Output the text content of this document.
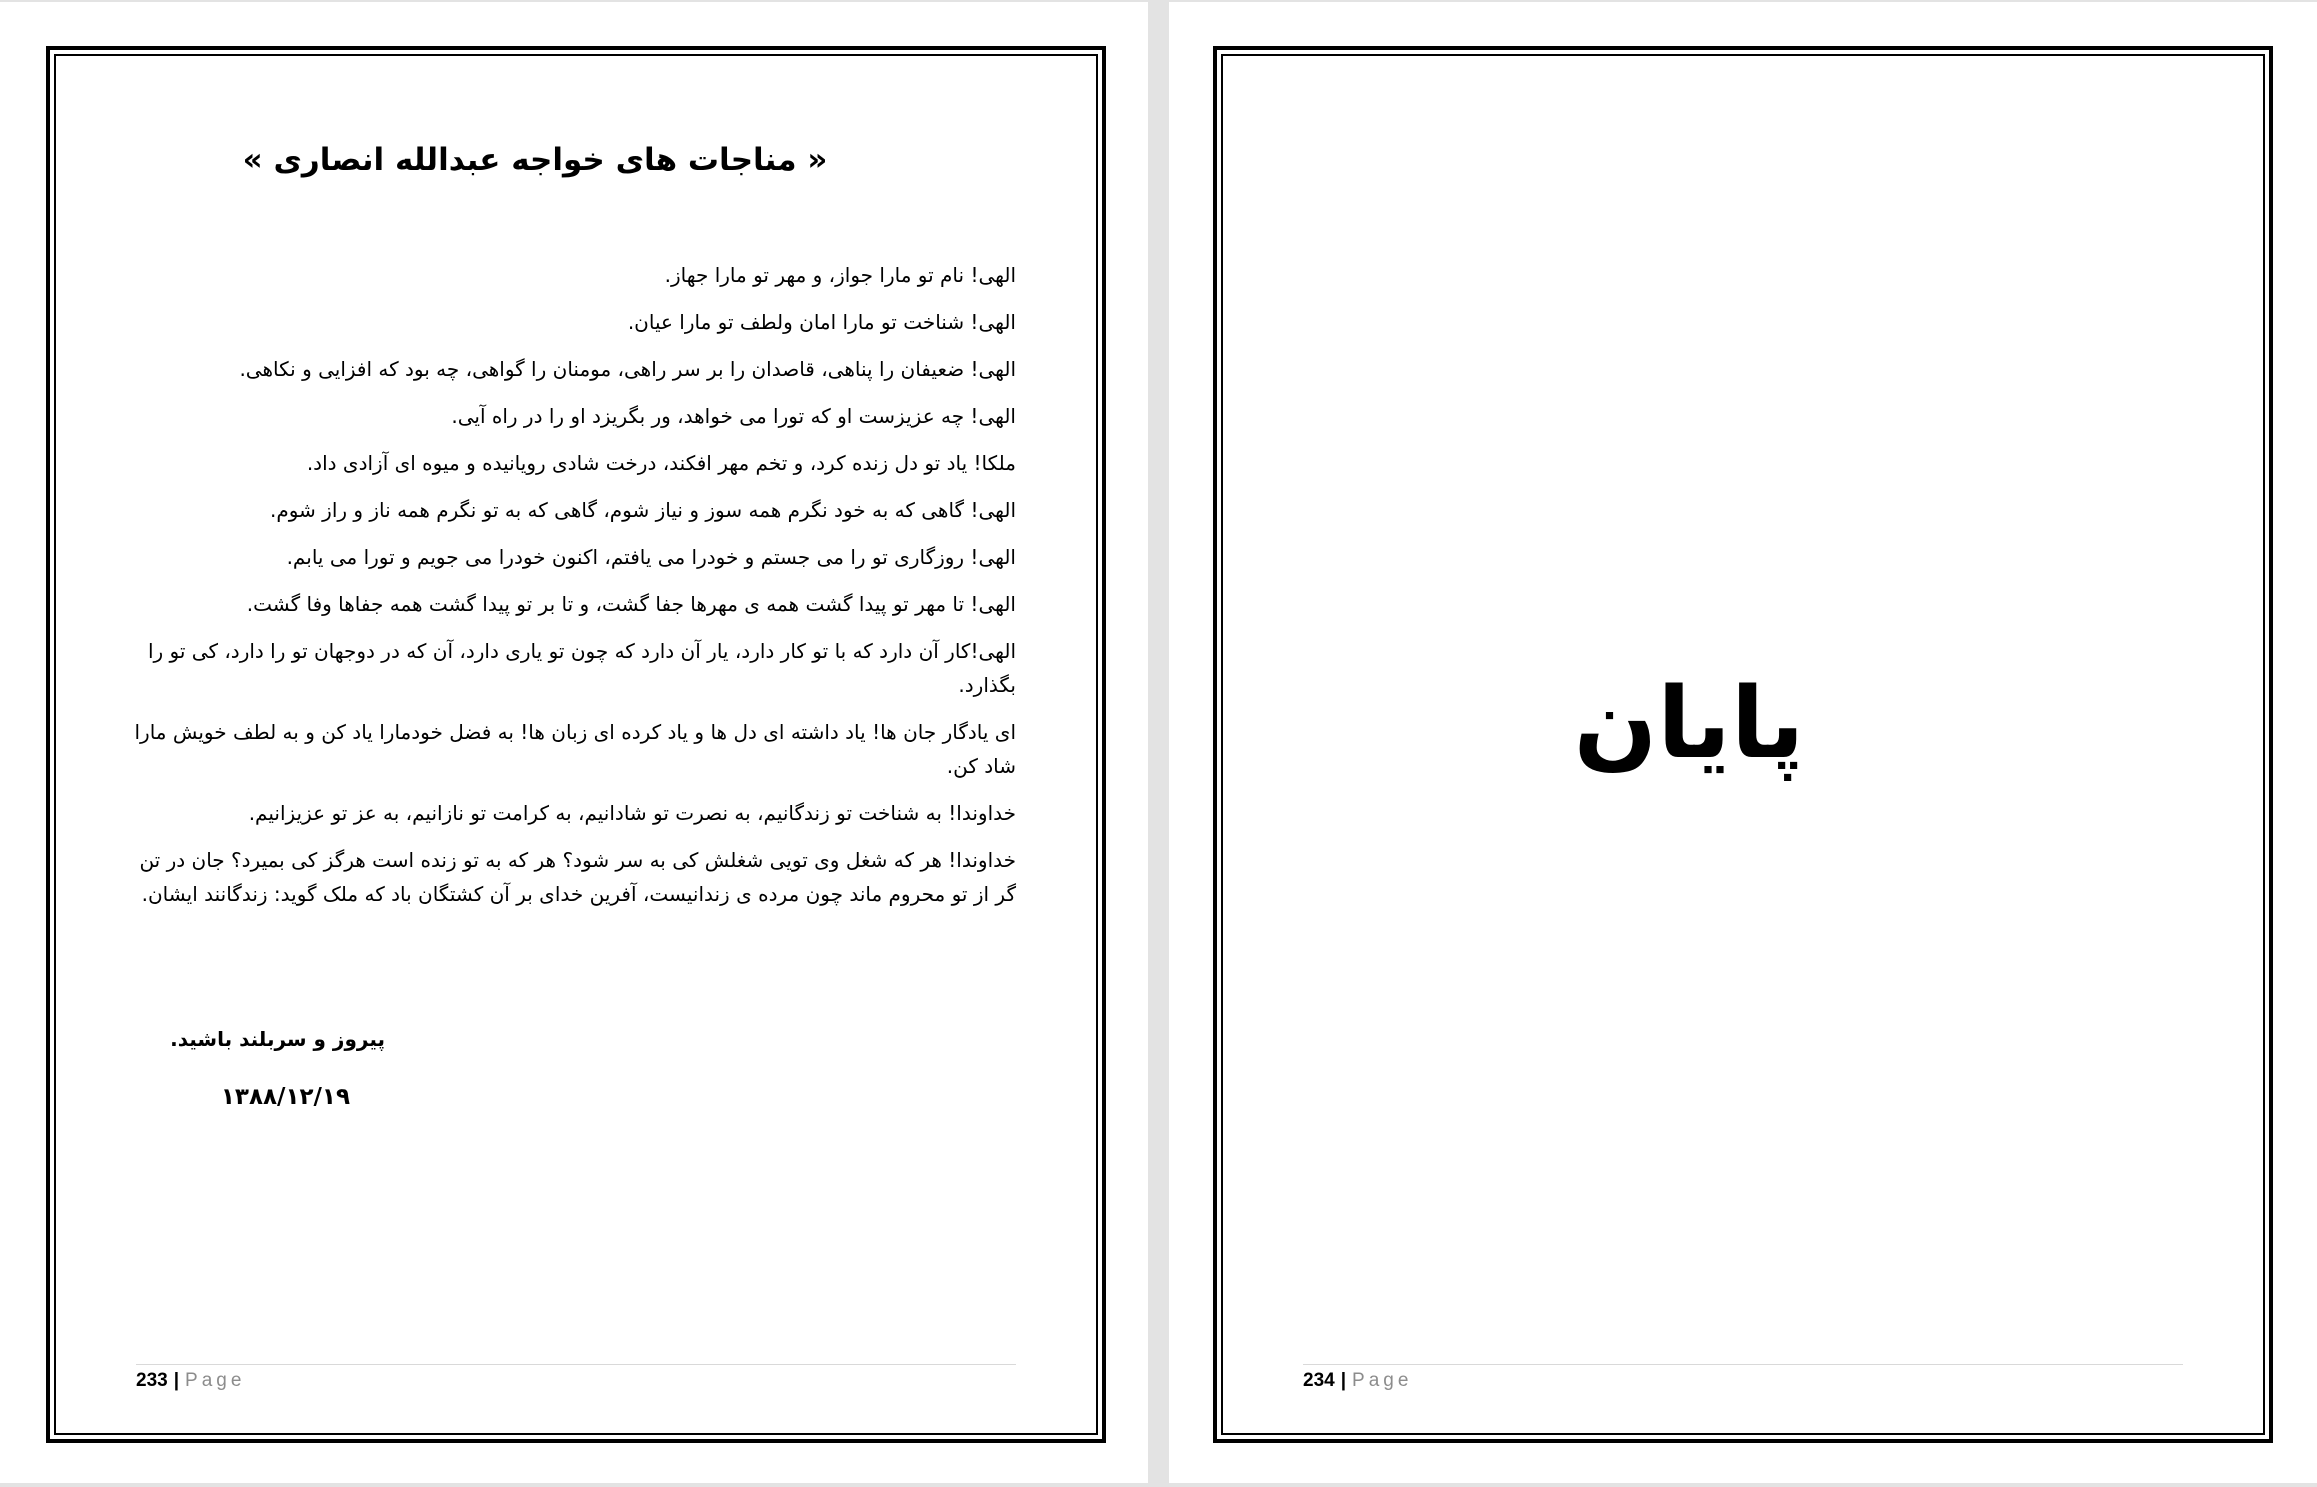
« مناجات های خواجه عبدالله انصاری »

الهی! نام تو مارا جواز، و مهر تو مارا جهاز.

الهی! شناخت تو مارا امان ولطف تو مارا عیان.

الهی! ضعیفان را پناهی، قاصدان را بر سر راهی، مومنان را گواهی، چه بود که افزایی و نکاهی.

الهی! چه عزیزست او که تورا می خواهد، ور بگریزد او را در راه آیی.

ملکا! یاد تو دل زنده کرد، و تخم مهر افکند، درخت شادی رویانیده و میوه ای آزادی داد.

الهی! گاهی که به خود نگرم همه سوز و نیاز شوم، گاهی که به تو نگرم همه ناز و راز شوم.

الهی! روزگاری تو را می جستم و خودرا می یافتم، اکنون خودرا می جویم و تورا می یابم.

الهی! تا مهر تو پیدا گشت همه ی مهرها جفا گشت، و تا بر تو پیدا گشت همه جفاها وفا گشت.

الهی!کار آن دارد که با تو کار دارد، یار آن دارد که چون تو یاری دارد، آن که در دوجهان تو را دارد، کی تو را بگذارد.

ای یادگار جان ها! یاد داشته ای دل ها و یاد کرده ای زبان ها! به فضل خودمارا یاد کن و به لطف خویش مارا شاد کن.

خداوندا! به شناخت تو زندگانیم، به نصرت تو شادانیم، به کرامت تو نازانیم، به عز تو عزیزانیم.

خداوندا! هر که شغل وی تویی شغلش کی به سر شود؟ هر که به تو زنده است هرگز کی بمیرد؟ جان در تن گر از تو محروم ماند چون مرده ی زندانیست، آفرین خدای بر آن کشتگان باد که ملک گوید: زندگانند ایشان.

پیروز و سربلند باشید.
۱۳۸۸/۱۲/۱۹
233 | Page
پایان
234 | Page
